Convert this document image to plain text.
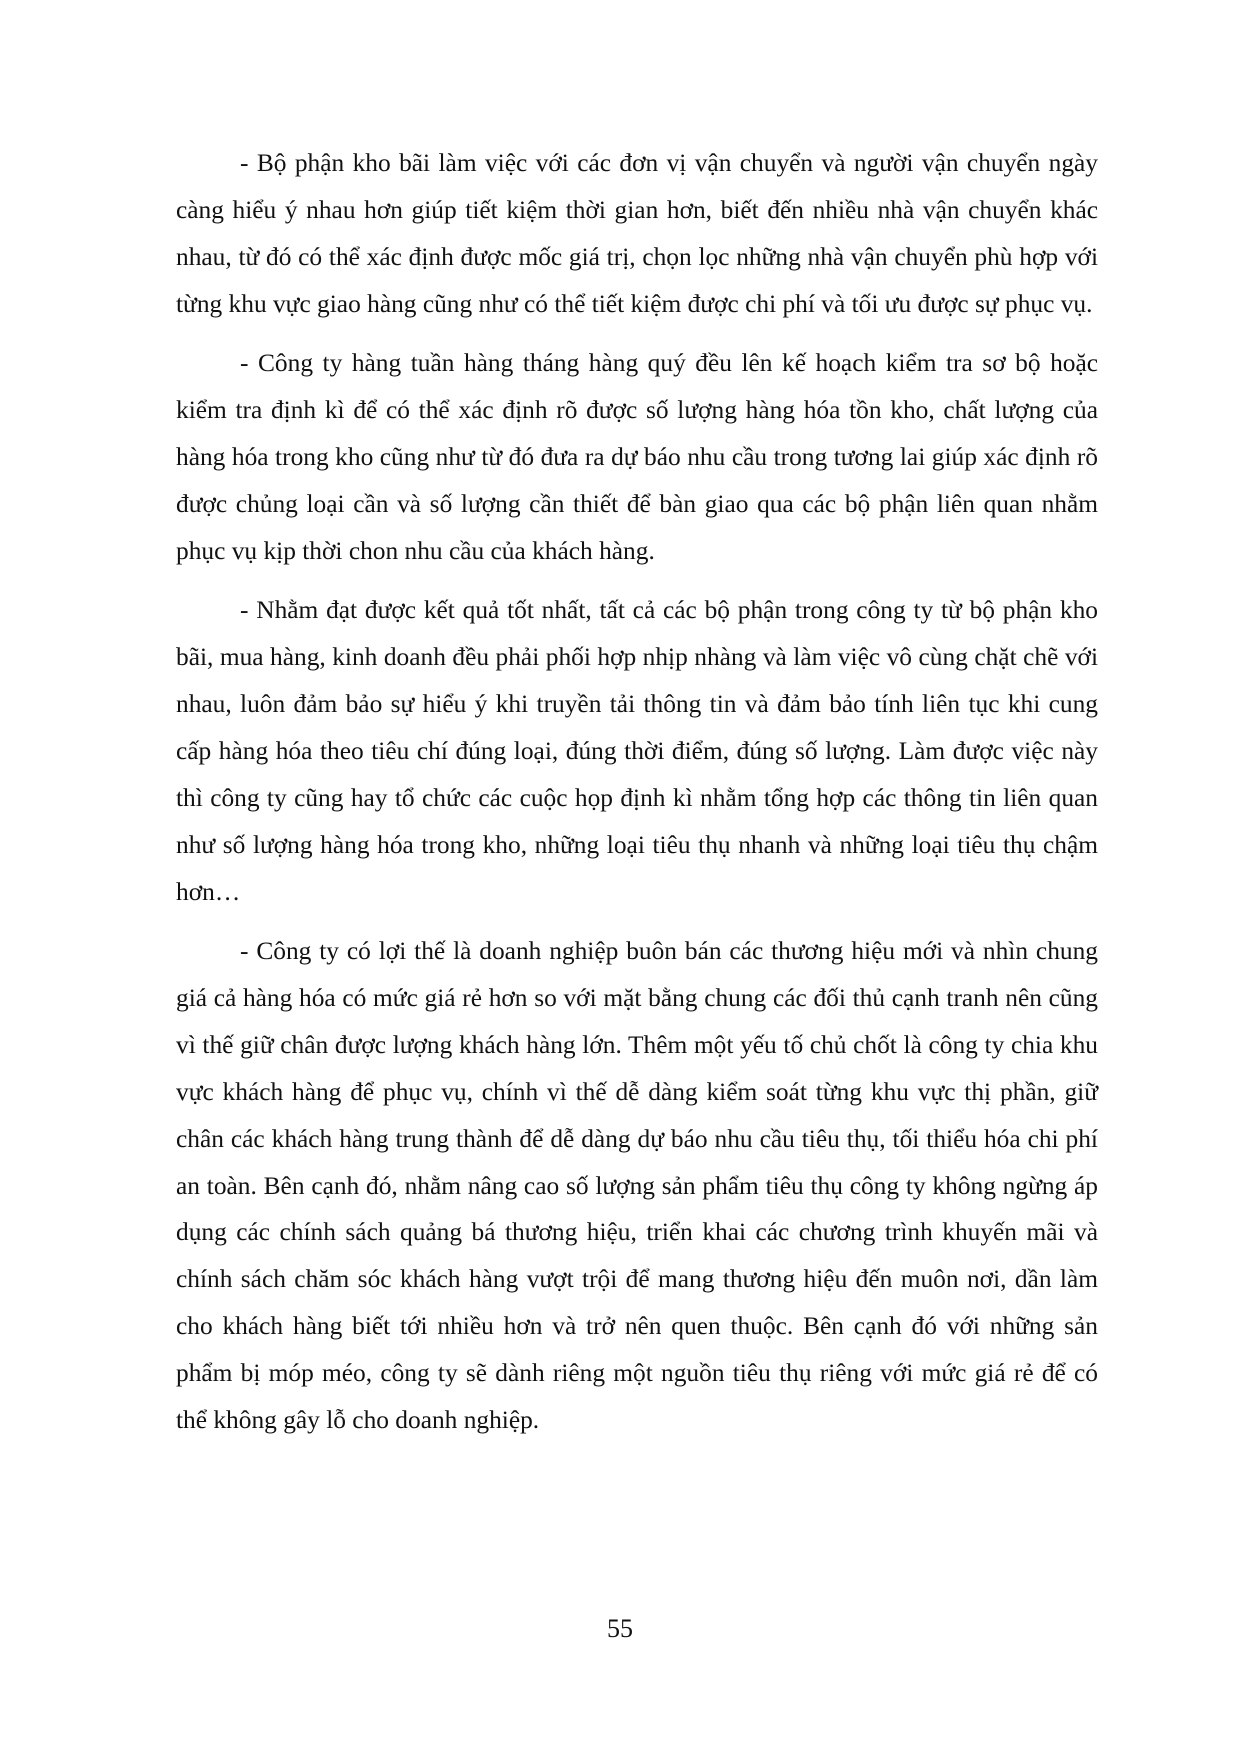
- Bộ phận kho bãi làm việc với các đơn vị vận chuyển và người vận chuyển ngày càng hiểu ý nhau hơn giúp tiết kiệm thời gian hơn, biết đến nhiều nhà vận chuyển khác nhau, từ đó có thể xác định được mốc giá trị, chọn lọc những nhà vận chuyển phù hợp với từng khu vực giao hàng cũng như có thể tiết kiệm được chi phí và tối ưu được sự phục vụ.

- Công ty hàng tuần hàng tháng hàng quý đều lên kế hoạch kiểm tra sơ bộ hoặc kiểm tra định kì để có thể xác định rõ được số lượng hàng hóa tồn kho, chất lượng của hàng hóa trong kho cũng như từ đó đưa ra dự báo nhu cầu trong tương lai giúp xác định rõ được chủng loại cần và số lượng cần thiết để bàn giao qua các bộ phận liên quan nhằm phục vụ kịp thời chon nhu cầu của khách hàng.

- Nhằm đạt được kết quả tốt nhất, tất cả các bộ phận trong công ty từ bộ phận kho bãi, mua hàng, kinh doanh đều phải phối hợp nhịp nhàng và làm việc vô cùng chặt chẽ với nhau, luôn đảm bảo sự hiểu ý khi truyền tải thông tin và đảm bảo tính liên tục khi cung cấp hàng hóa theo tiêu chí đúng loại, đúng thời điểm, đúng số lượng. Làm được việc này thì công ty cũng hay tổ chức các cuộc họp định kì nhằm tổng hợp các thông tin liên quan như số lượng hàng hóa trong kho, những loại tiêu thụ nhanh và những loại tiêu thụ chậm hơn…

- Công ty có lợi thế là doanh nghiệp buôn bán các thương hiệu mới và nhìn chung giá cả hàng hóa có mức giá rẻ hơn so với mặt bằng chung các đối thủ cạnh tranh nên cũng vì thế giữ chân được lượng khách hàng lớn. Thêm một yếu tố chủ chốt là công ty chia khu vực khách hàng để phục vụ, chính vì thế dễ dàng kiểm soát từng khu vực thị phần, giữ chân các khách hàng trung thành để dễ dàng dự báo nhu cầu tiêu thụ, tối thiểu hóa chi phí an toàn. Bên cạnh đó, nhằm nâng cao số lượng sản phẩm tiêu thụ công ty không ngừng áp dụng các chính sách quảng bá thương hiệu, triển khai các chương trình khuyến mãi và chính sách chăm sóc khách hàng vượt trội để mang thương hiệu đến muôn nơi, dần làm cho khách hàng biết tới nhiều hơn và trở nên quen thuộc. Bên cạnh đó với những sản phẩm bị móp méo, công ty sẽ dành riêng một nguồn tiêu thụ riêng với mức giá rẻ để có thể không gây lỗ cho doanh nghiệp.

55
